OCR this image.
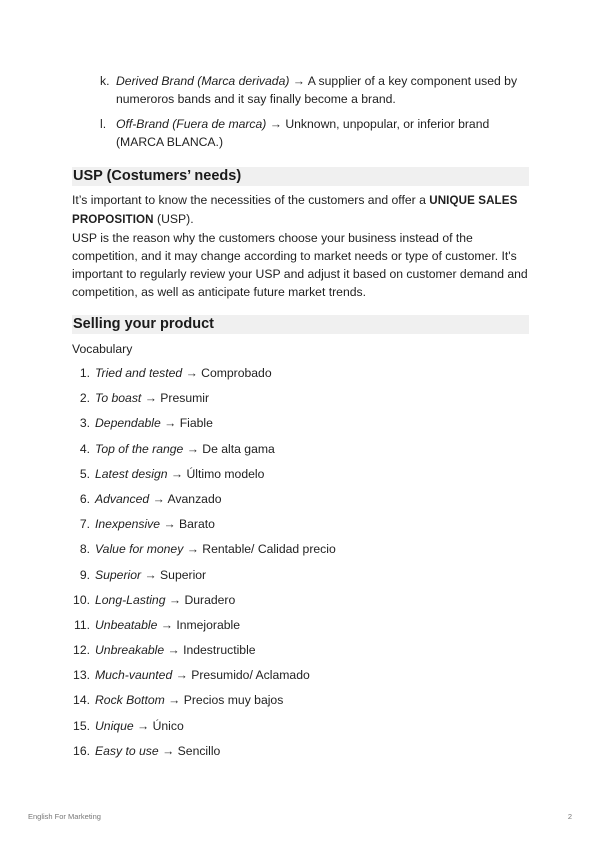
k. Derived Brand (Marca derivada) → A supplier of a key component used by numeroros bands and it say finally become a brand.
l. Off-Brand (Fuera de marca) → Unknown, unpopular, or inferior brand (MARCA BLANCA.)
USP (Costumers’ needs)

It’s important to know the necessities of the customers and offer a UNIQUE SALES PROPOSITION (USP).

USP is the reason why the customers choose your business instead of the competition, and it may change according to market needs or type of customer. It's important to regularly review your USP and adjust it based on customer demand and competition, as well as anticipate future market trends.

Selling your product
Vocabulary
1. Tried and tested → Comprobado
2. To boast → Presumir
3. Dependable → Fiable
4. Top of the range → De alta gama
5. Latest design → Último modelo
6. Advanced → Avanzado
7. Inexpensive → Barato
8. Value for money → Rentable/ Calidad precio
9. Superior → Superior
10. Long-Lasting → Duradero
11. Unbeatable → Inmejorable
12. Unbreakable → Indestructible
13. Much-vaunted → Presumido/ Aclamado
14. Rock Bottom → Precios muy bajos
15. Unique → Único
16. Easy to use → Sencillo
English For Marketing	2
